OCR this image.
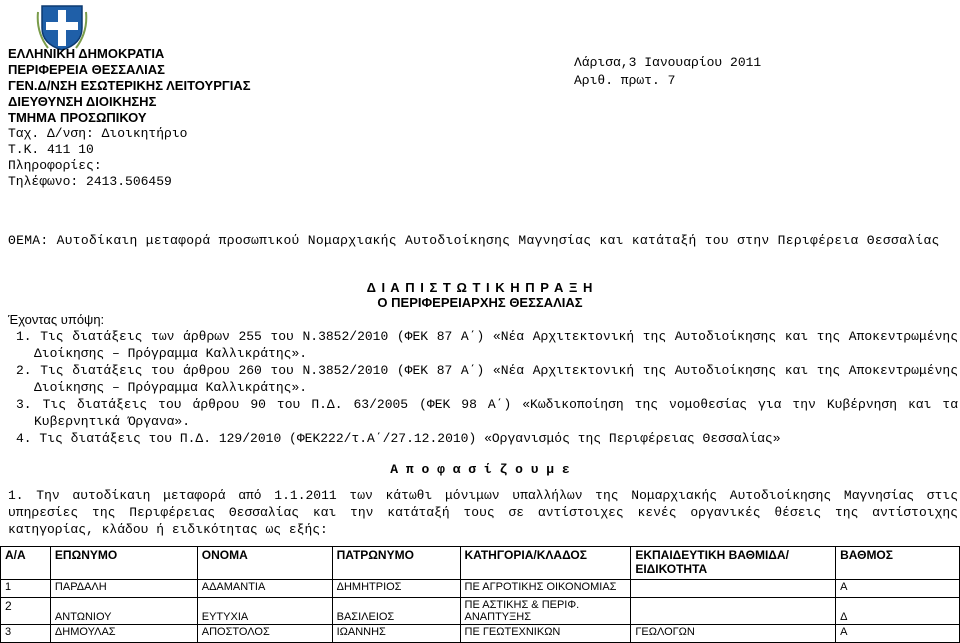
ΕΛΛΗΝΙΚΗ ΔΗΜΟΚΡΑΤΙΑ
ΠΕΡΙΦΕΡΕΙΑ ΘΕΣΣΑΛΙΑΣ
ΓΕΝ.Δ/ΝΣΗ ΕΣΩΤΕΡΙΚΗΣ ΛΕΙΤΟΥΡΓΙΑΣ
ΔΙΕΥΘΥΝΣΗ ΔΙΟΙΚΗΣΗΣ
ΤΜΗΜΑ ΠΡΟΣΩΠΙΚΟΥ
Ταχ. Δ/νση: Διοικητήριο
Τ.Κ. 411 10
Πληροφορίες:
Τηλέφωνο: 2413.506459
Λάρισα,3 Ιανουαρίου 2011
Αριθ. πρωτ. 7
ΘΕΜΑ: Αυτοδίκαιη μεταφορά προσωπικού Νομαρχιακής Αυτοδιοίκησης Μαγνησίας και κατάταξή του στην Περιφέρεια Θεσσαλίας
Δ Ι Α Π Ι Σ Τ Ω Τ Ι Κ Η Π Ρ Α Ξ Η
Ο ΠΕΡΙΦΕΡΕΙΑΡΧΗΣ ΘΕΣΣΑΛΙΑΣ
Έχοντας υπόψη:
1. Τις διατάξεις των άρθρων 255 του Ν.3852/2010 (ΦΕΚ 87 Α΄) «Νέα Αρχιτεκτονική της Αυτοδιοίκησης και της Αποκεντρωμένης Διοίκησης – Πρόγραμμα Καλλικράτης».
2. Τις διατάξεις του άρθρου 260 του Ν.3852/2010 (ΦΕΚ 87 Α΄) «Νέα Αρχιτεκτονική της Αυτοδιοίκησης και της Αποκεντρωμένης Διοίκησης – Πρόγραμμα Καλλικράτης».
3. Τις διατάξεις του άρθρου 90 του Π.Δ. 63/2005 (ΦΕΚ 98 Α΄) «Κωδικοποίηση της νομοθεσίας για την Κυβέρνηση και τα Κυβερνητικά Όργανα».
4. Τις διατάξεις του Π.Δ. 129/2010 (ΦΕΚ222/τ.Α΄/27.12.2010) «Οργανισμός της Περιφέρειας Θεσσαλίας»
Α π ο φ α σ ί ζ ο υ μ ε
1. Την αυτοδίκαιη μεταφορά από 1.1.2011 των κάτωθι μόνιμων υπαλλήλων της Νομαρχιακής Αυτοδιοίκησης Μαγνησίας στις υπηρεσίες της Περιφέρειας Θεσσαλίας και την κατάταξή τους σε αντίστοιχες κενές οργανικές θέσεις της αντίστοιχης κατηγορίας, κλάδου ή ειδικότητας ως εξής:
Α/Α	ΕΠΩΝΥΜΟ	ΟΝΟΜΑ	ΠΑΤΡΩΝΥΜΟ	ΚΑΤΗΓΟΡΙΑ/ΚΛΑΔΟΣ	ΕΚΠΑΙΔΕΥΤΙΚΗ ΒΑΘΜΙΔΑ/ΕΙΔΙΚΟΤΗΤΑ	ΒΑΘΜΟΣ
1	ΠΑΡΔΑΛΗ	ΑΔΑΜΑΝΤΙΑ	ΔΗΜΗΤΡΙΟΣ	ΠΕ ΑΓΡΟΤΙΚΗΣ ΟΙΚΟΝΟΜΙΑΣ		Α
2	ΑΝΤΩΝΙΟΥ	ΕΥΤΥΧΙΑ	ΒΑΣΙΛΕΙΟΣ	ΠΕ ΑΣΤΙΚΗΣ & ΠΕΡΙΦ. ΑΝΑΠΤΥΞΗΣ		Δ
3	ΔΗΜΟΥΛΑΣ	ΑΠΟΣΤΟΛΟΣ	ΙΩΑΝΝΗΣ	ΠΕ ΓΕΩΤΕΧΝΙΚΩΝ	ΓΕΩΛΟΓΩΝ	Α
